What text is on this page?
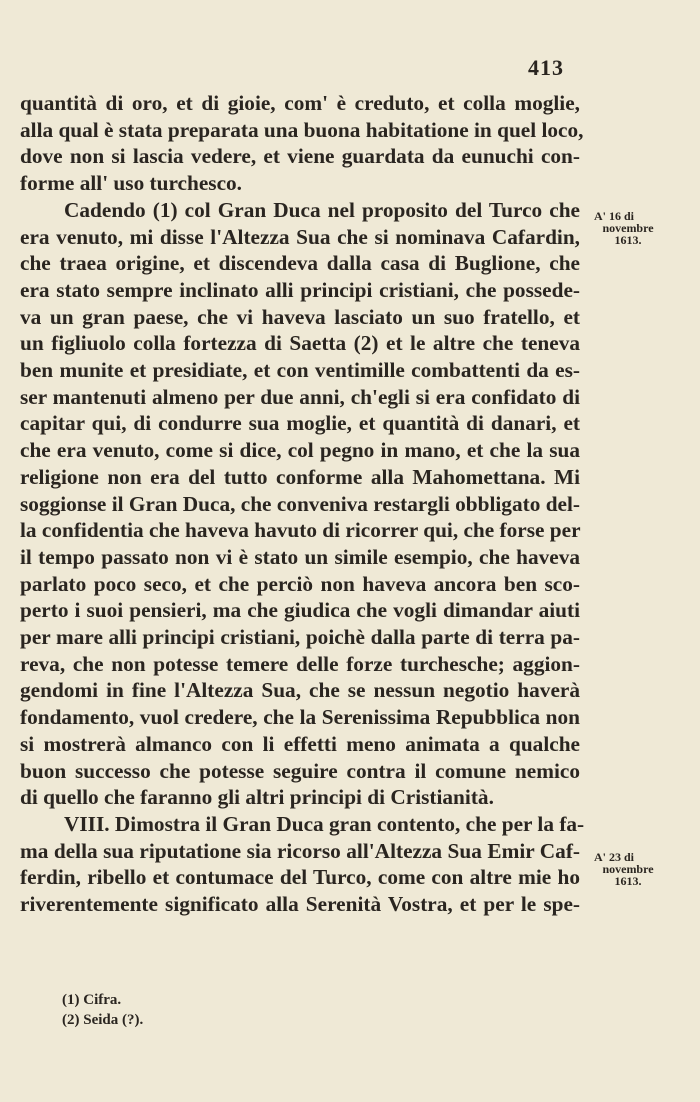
413
quantità di oro, et di gioie, com' è creduto, et colla moglie,
alla qual è stata preparata una buona habitatione in quel loco,
dove non si lascia vedere, et viene guardata da eunuchi con-
forme all' uso turchesco.
Cadendo (1) col Gran Duca nel proposito del Turco che
era venuto, mi disse l'Altezza Sua che si nominava Cafardin,
che traea origine, et discendeva dalla casa di Buglione, che
era stato sempre inclinato alli principi cristiani, che possede-
va un gran paese, che vi haveva lasciato un suo fratello, et
un figliuolo colla fortezza di Saetta (2) et le altre che teneva
ben munite et presidiate, et con ventimille combattenti da es-
ser mantenuti almeno per due anni, ch'egli si era confidato di
capitar qui, di condurre sua moglie, et quantità di danari, et
che era venuto, come si dice, col pegno in mano, et che la sua
religione non era del tutto conforme alla Mahomettana. Mi
soggionse il Gran Duca, che conveniva restargli obbligato del-
la confidentia che haveva havuto di ricorrer qui, che forse per
il tempo passato non vi è stato un simile esempio, che haveva
parlato poco seco, et che perciò non haveva ancora ben sco-
perto i suoi pensieri, ma che giudica che vogli dimandar aiuti
per mare alli principi cristiani, poichè dalla parte di terra pa-
reva, che non potesse temere delle forze turchesche; aggion-
gendomi in fine l'Altezza Sua, che se nessun negotio haverà
fondamento, vuol credere, che la Serenissima Repubblica non
si mostrerà almanco con li effetti meno animata a qualche
buon successo che potesse seguire contra il comune nemico
di quello che faranno gli altri principi di Cristianità.
VIII. Dimostra il Gran Duca gran contento, che per la fa-
ma della sua riputatione sia ricorso all'Altezza Sua Emir Caf-
ferdin, ribello et contumace del Turco, come con altre mie ho
riverentemente significato alla Serenità Vostra, et per le spe-
A' 16 di
novembre
1613.
A' 23 di
novembre
1613.
(1) Cifra.
(2) Seida (?).
